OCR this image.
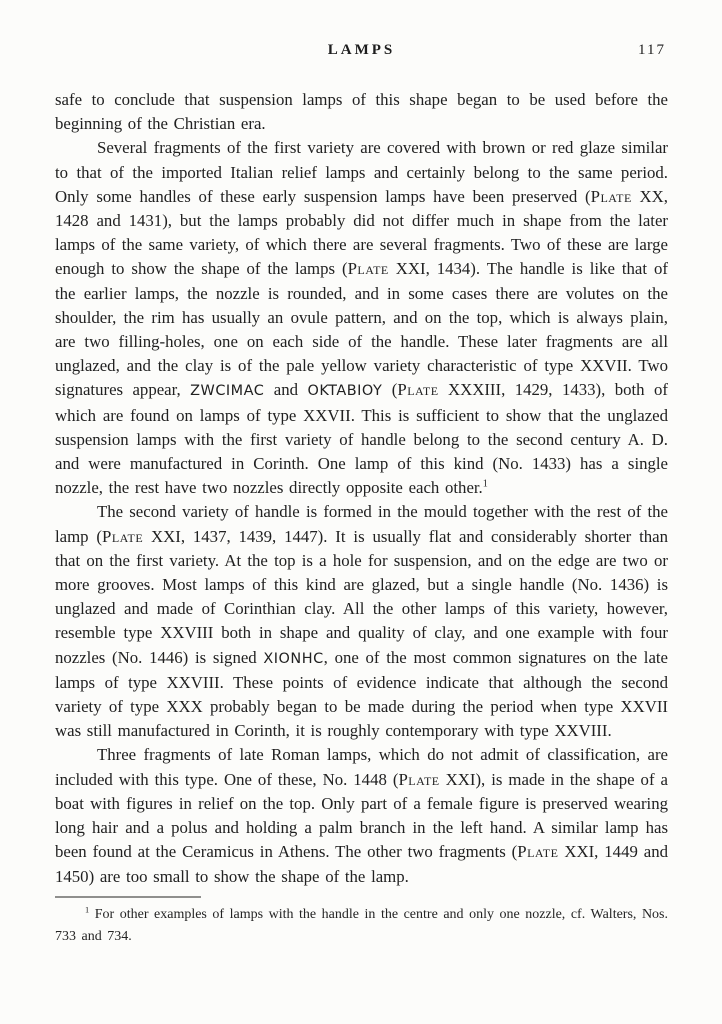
LAMPS	117

safe to conclude that suspension lamps of this shape began to be used before the beginning of the Christian era.

Several fragments of the first variety are covered with brown or red glaze similar to that of the imported Italian relief lamps and certainly belong to the same period. Only some handles of these early suspension lamps have been preserved (Plate XX, 1428 and 1431), but the lamps probably did not differ much in shape from the later lamps of the same variety, of which there are several fragments. Two of these are large enough to show the shape of the lamps (Plate XXI, 1434). The handle is like that of the earlier lamps, the nozzle is rounded, and in some cases there are volutes on the shoulder, the rim has usually an ovule pattern, and on the top, which is always plain, are two filling-holes, one on each side of the handle. These later fragments are all unglazed, and the clay is of the pale yellow variety characteristic of type XXVII. Two signatures appear, ZWCIMAC and OKTABIOY (Plate XXXIII, 1429, 1433), both of which are found on lamps of type XXVII. This is sufficient to show that the unglazed suspension lamps with the first variety of handle belong to the second century A. D. and were manufactured in Corinth. One lamp of this kind (No. 1433) has a single nozzle, the rest have two nozzles directly opposite each other.$^1$

The second variety of handle is formed in the mould together with the rest of the lamp (Plate XXI, 1437, 1439, 1447). It is usually flat and considerably shorter than that on the first variety. At the top is a hole for suspension, and on the edge are two or more grooves. Most lamps of this kind are glazed, but a single handle (No. 1436) is unglazed and made of Corinthian clay. All the other lamps of this variety, however, resemble type XXVIII both in shape and quality of clay, and one example with four nozzles (No. 1446) is signed XIONHC, one of the most common signatures on the late lamps of type XXVIII. These points of evidence indicate that although the second variety of type XXX probably began to be made during the period when type XXVII was still manufactured in Corinth, it is roughly contemporary with type XXVIII.

Three fragments of late Roman lamps, which do not admit of classification, are included with this type. One of these, No. 1448 (Plate XXI), is made in the shape of a boat with figures in relief on the top. Only part of a female figure is preserved wearing long hair and a polus and holding a palm branch in the left hand. A similar lamp has been found at the Ceramicus in Athens. The other two fragments (Plate XXI, 1449 and 1450) are too small to show the shape of the lamp.

$^1$ For other examples of lamps with the handle in the centre and only one nozzle, cf. Walters, Nos. 733 and 734.
